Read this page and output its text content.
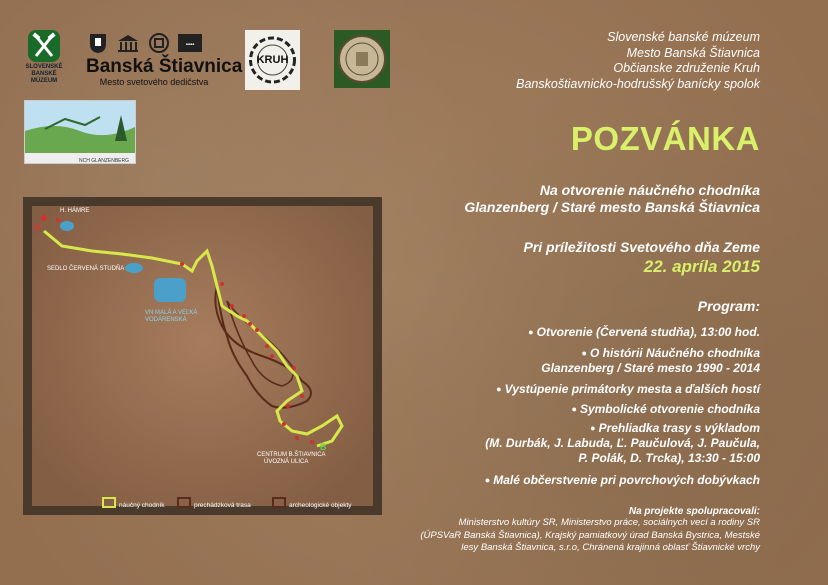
SLOVENSKÉ BANSKÉ MÚZEUM
▪▪▪▪
Banská Štiavnica
Mesto svetového dedičstva
KRUH
NCH GLANZENBERG
Slovenské banské múzeum
Mesto Banská Štiavnica
Občianske združenie Kruh
Banskoštiavnicko-hodrušský banícky spolok
POZVÁNKA
Na otvorenie náučného chodníka
Glanzenberg / Staré mesto Banská Štiavnica
Pri príležitosti Svetového dňa Zeme
22. apríla 2015
Program:
● Otvorenie (Červená studňa), 13:00 hod.
● O histórii Náučného chodníka
Glanzenberg / Staré mesto 1990 - 2014
● Vystúpenie primátorky mesta a ďalších hostí
● Symbolické otvorenie chodníka
● Prehliadka trasy s výkladom
(M. Durbák, J. Labuda, Ľ. Paučulová, J. Paučula,
P. Polák, D. Trcka), 13:30 - 15:00
● Malé občerstvenie pri povrchových dobývkach
Na projekte spolupracovali:
Ministerstvo kultúry SR, Ministerstvo práce, sociálnych vecí a rodiny SR
(ÚPSVaR Banská Štiavnica), Krajský pamiatkový úrad Banská Bystrica, Mestské
lesy Banská Štiavnica, s.r.o, Chránená krajinná oblasť Štiavnické vrchy
A
B
H. HÁMRE
SEDLO ČERVENÁ STUDŇA
VN MALÁ A VEĽKÁ
VODÁRENSKÁ
CENTRUM B.ŠTIAVNICA
ÚVOZNÁ ULICA
náučný chodník	prechádzková trasa	archeologické objekty
